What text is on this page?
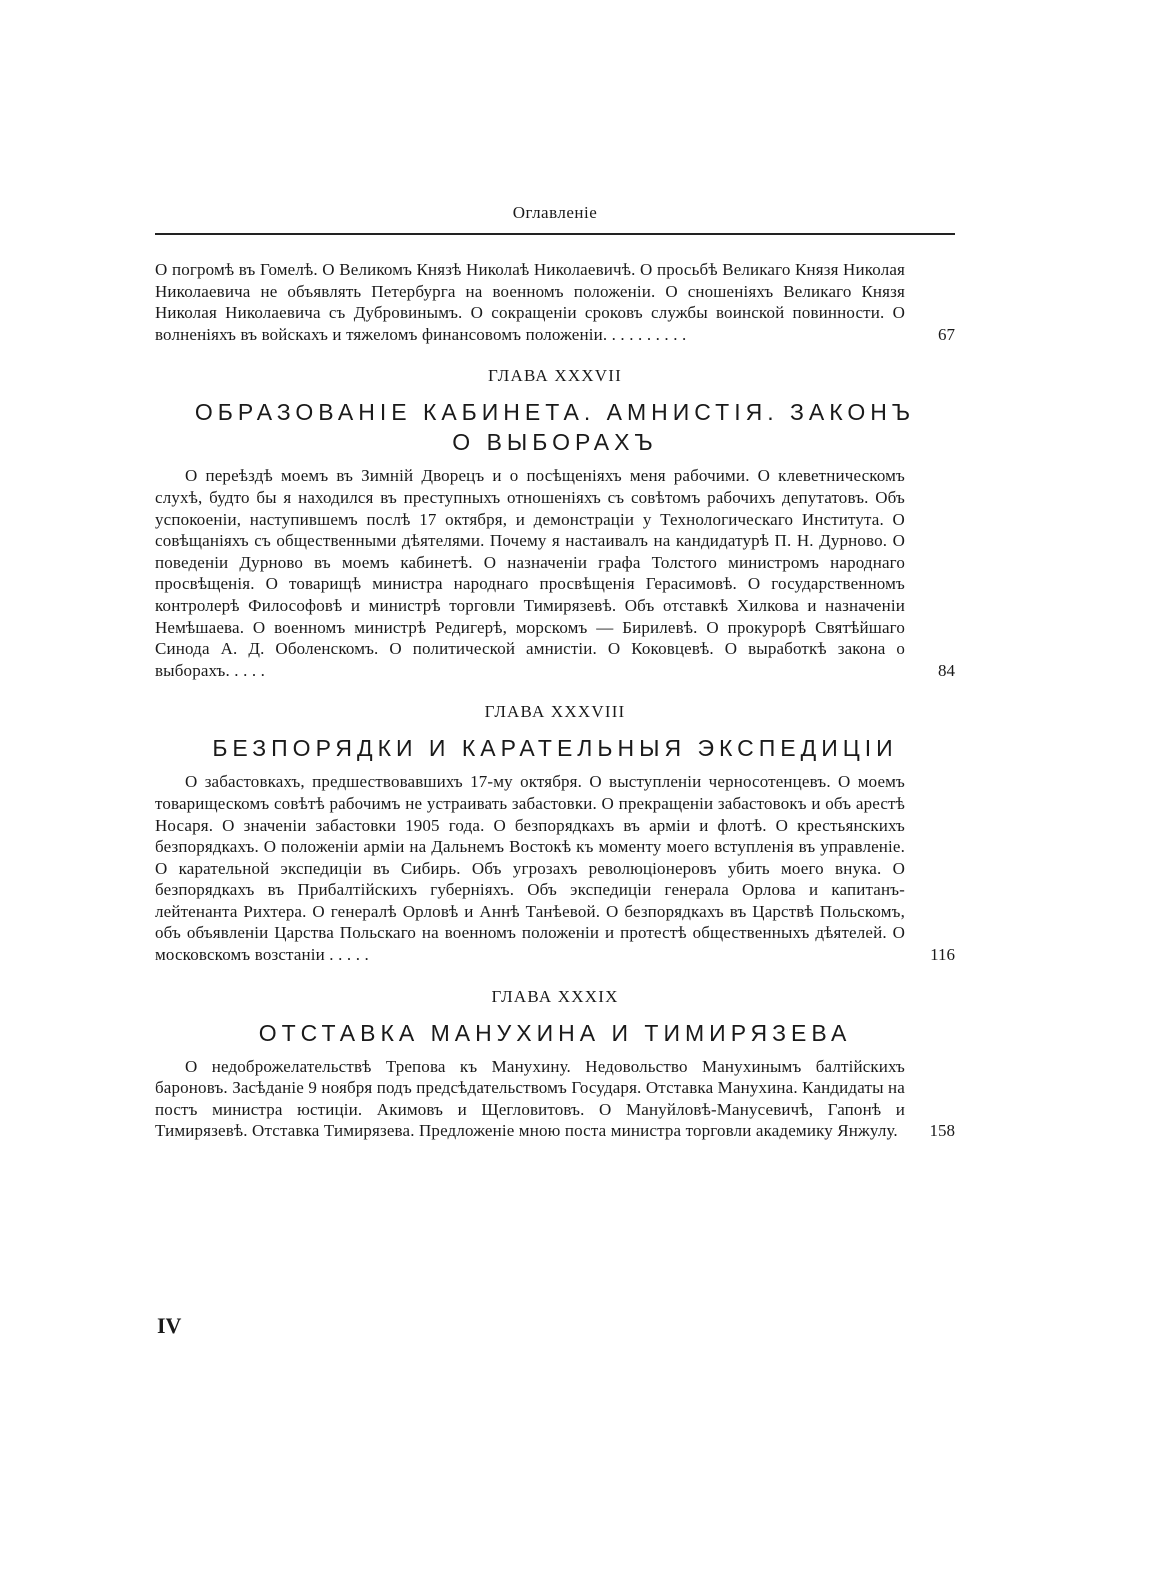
Оглавленіе
О погромѣ въ Гомелѣ. О Великомъ Князѣ Николаѣ Николаевичѣ. О просьбѣ Великаго Князя Николая Николаевича не объявлять Петербурга на военномъ положеніи. О сношеніяхъ Великаго Князя Николая Николаевича съ Дубровинымъ. О сокращеніи сроковъ службы воинской повинности. О волненіяхъ въ войскахъ и тяжеломъ финансовомъ положеніи. . . . . . . . . .	67
ГЛАВА XXXVII
ОБРАЗОВАНІЕ КАБИНЕТА. АМНИСТІЯ. ЗАКОНЪ
О ВЫБОРАХЪ
О переѣздѣ моемъ въ Зимній Дворецъ и о посѣщеніяхъ меня рабочими. О клеветническомъ слухѣ, будто бы я находился въ преступныхъ отношеніяхъ съ совѣтомъ рабочихъ депутатовъ. Объ успокоеніи, наступившемъ послѣ 17 октября, и демонстраціи у Технологическаго Института. О совѣщаніяхъ съ общественными дѣятелями. Почему я настаивалъ на кандидатурѣ П. Н. Дурново. О поведеніи Дурново въ моемъ кабинетѣ. О назначеніи графа Толстого министромъ народнаго просвѣщенія. О товарищѣ министра народнаго просвѣщенія Герасимовѣ. О государственномъ контролерѣ Философовѣ и министрѣ торговли Тимирязевѣ. Объ отставкѣ Хилкова и назначеніи Немѣшаева. О военномъ министрѣ Редигерѣ, морскомъ — Бирилевѣ. О прокурорѣ Святѣйшаго Синода А. Д. Оболенскомъ. О политической амнистіи. О Коковцевѣ. О выработкѣ закона о выборахъ. . . . .	84
ГЛАВА XXXVIII
БЕЗПОРЯДКИ И КАРАТЕЛЬНЫЯ ЭКСПЕДИЦІИ
О забастовкахъ, предшествовавшихъ 17-му октября. О выступленіи черносотенцевъ. О моемъ товарищескомъ совѣтѣ рабочимъ не устраивать забастовки. О прекращеніи забастовокъ и объ арестѣ Носаря. О значеніи забастовки 1905 года. О безпорядкахъ въ арміи и флотѣ. О крестьянскихъ безпорядкахъ. О положеніи арміи на Дальнемъ Востокѣ къ моменту моего вступленія въ управленіе. О карательной экспедиціи въ Сибирь. Объ угрозахъ революціонеровъ убить моего внука. О безпорядкахъ въ Прибалтійскихъ губерніяхъ. Объ экспедиціи генерала Орлова и капитанъ-лейтенанта Рихтера. О генералѣ Орловѣ и Аннѣ Танѣевой. О безпорядкахъ въ Царствѣ Польскомъ, объ объявленіи Царства Польскаго на военномъ положеніи и протестѣ общественныхъ дѣятелей. О московскомъ возстаніи . . . . .	116
ГЛАВА XXXIX
ОТСТАВКА МАНУХИНА И ТИМИРЯЗЕВА
О недоброжелательствѣ Трепова къ Манухину. Недовольство Манухинымъ балтійскихъ бароновъ. Засѣданіе 9 ноября подъ предсѣдательствомъ Государя. Отставка Манухина. Кандидаты на постъ министра юстиціи. Акимовъ и Щегловитовъ. О Мануйловѣ-Манусевичѣ, Гапонѣ и Тимирязевѣ. Отставка Тимирязева. Предложеніе мною поста министра торговли академику Янжулу.	158
IV
